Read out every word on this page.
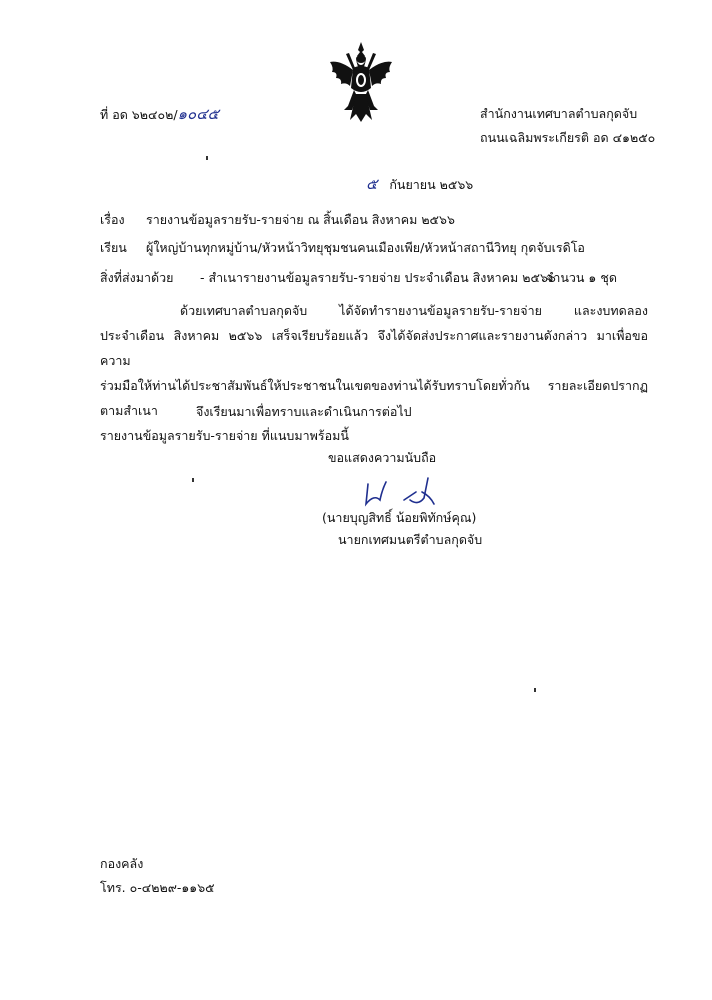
ที่ อด ๖๒๔๐๒/๑๐๔๕	สำนักงานเทศบาลตำบลกุดจับ
ถนนเฉลิมพระเกียรติ อด ๔๑๒๕๐
๕ กันยายน ๒๕๖๖
เรื่อง รายงานข้อมูลรายรับ-รายจ่าย ณ สิ้นเดือน สิงหาคม ๒๕๖๖
เรียน ผู้ใหญ่บ้านทุกหมู่บ้าน/หัวหน้าวิทยุชุมชนคนเมืองเพีย/หัวหน้าสถานีวิทยุ กุดจับเรดิโอ
สิ่งที่ส่งมาด้วย - สำเนารายงานข้อมูลรายรับ-รายจ่าย ประจำเดือน สิงหาคม ๒๕๖๖
จำนวน ๑ ชุด
ด้วยเทศบาลตำบลกุดจับ ได้จัดทำรายงานข้อมูลรายรับ-รายจ่าย และงบทดลอง
ประจำเดือน สิงหาคม ๒๕๖๖ เสร็จเรียบร้อยแล้ว จึงได้จัดส่งประกาศและรายงานดังกล่าว มาเพื่อขอความ
ร่วมมือให้ท่านได้ประชาสัมพันธ์ให้ประชาชนในเขตของท่านได้รับทราบโดยทั่วกัน รายละเอียดปรากฏตามสำเนา
รายงานข้อมูลรายรับ-รายจ่าย ที่แนบมาพร้อมนี้
จึงเรียนมาเพื่อทราบและดำเนินการต่อไป
ขอแสดงความนับถือ
(นายบุญสิทธิ์ น้อยพิทักษ์คุณ)
นายกเทศมนตรีตำบลกุดจับ
กองคลัง
โทร. ๐-๔๒๒๙-๑๑๖๕
